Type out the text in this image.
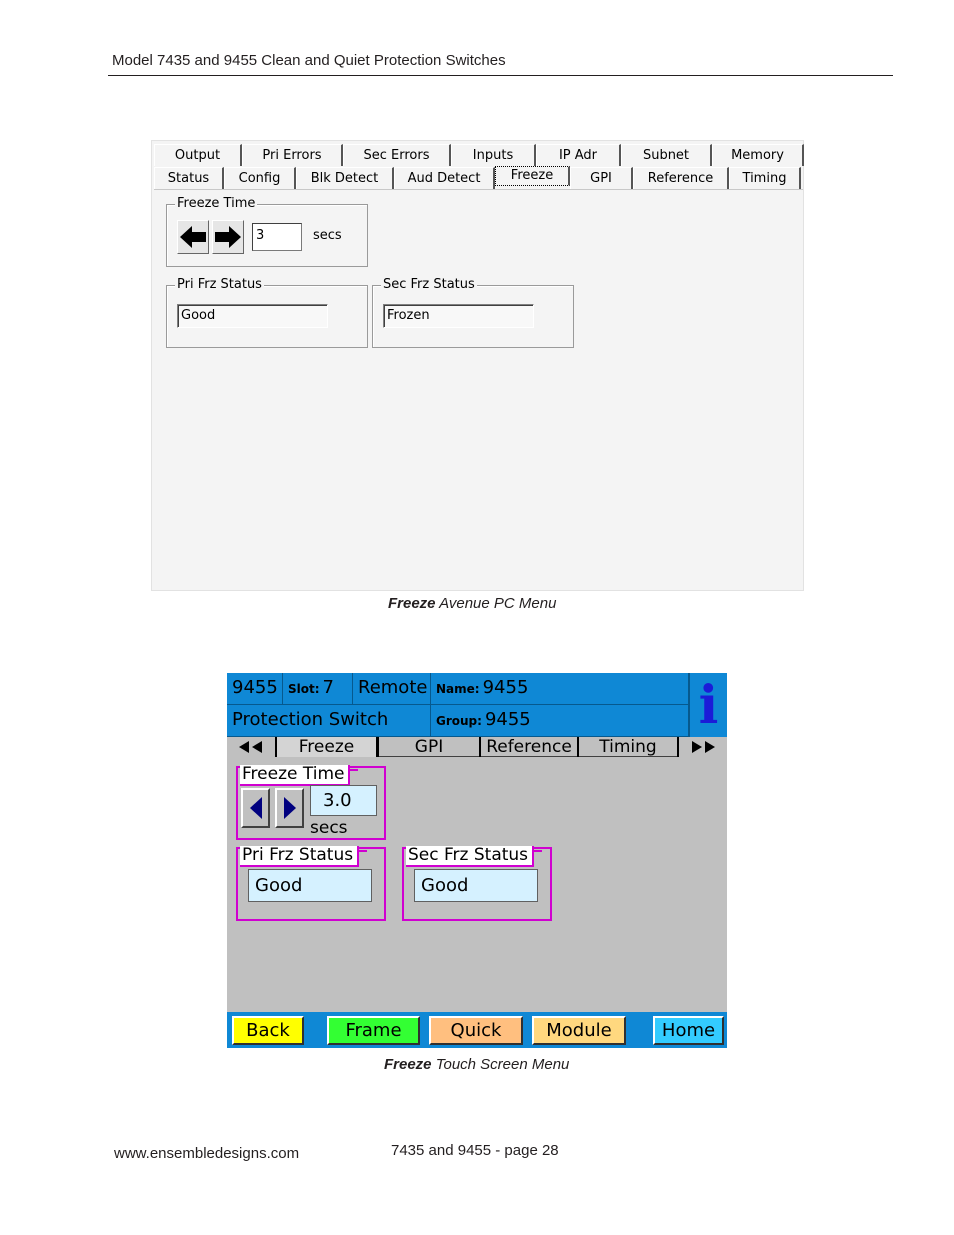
Model 7435 and 9455 Clean and Quiet Protection Switches
Output	Pri Errors	Sec Errors	Inputs	IP Adr	Subnet	Memory
Status	Config	Blk Detect	Aud Detect	Freeze	GPI	Reference	Timing
Freeze Time
3	secs
Pri Frz Status
Good
Sec Frz Status
Frozen
Freeze Avenue PC Menu
9455 Slot: 7	Remote Name: 9455
Protection Switch	Group: 9455	i
Freeze	GPI	Reference	Timing
Freeze Time
3.0
secs
Pri Frz Status
Good
Sec Frz Status
Good
Back	Frame	Quick	Module	Home
Freeze Touch Screen Menu
www.ensembledesigns.com	7435 and 9455 - page 28
